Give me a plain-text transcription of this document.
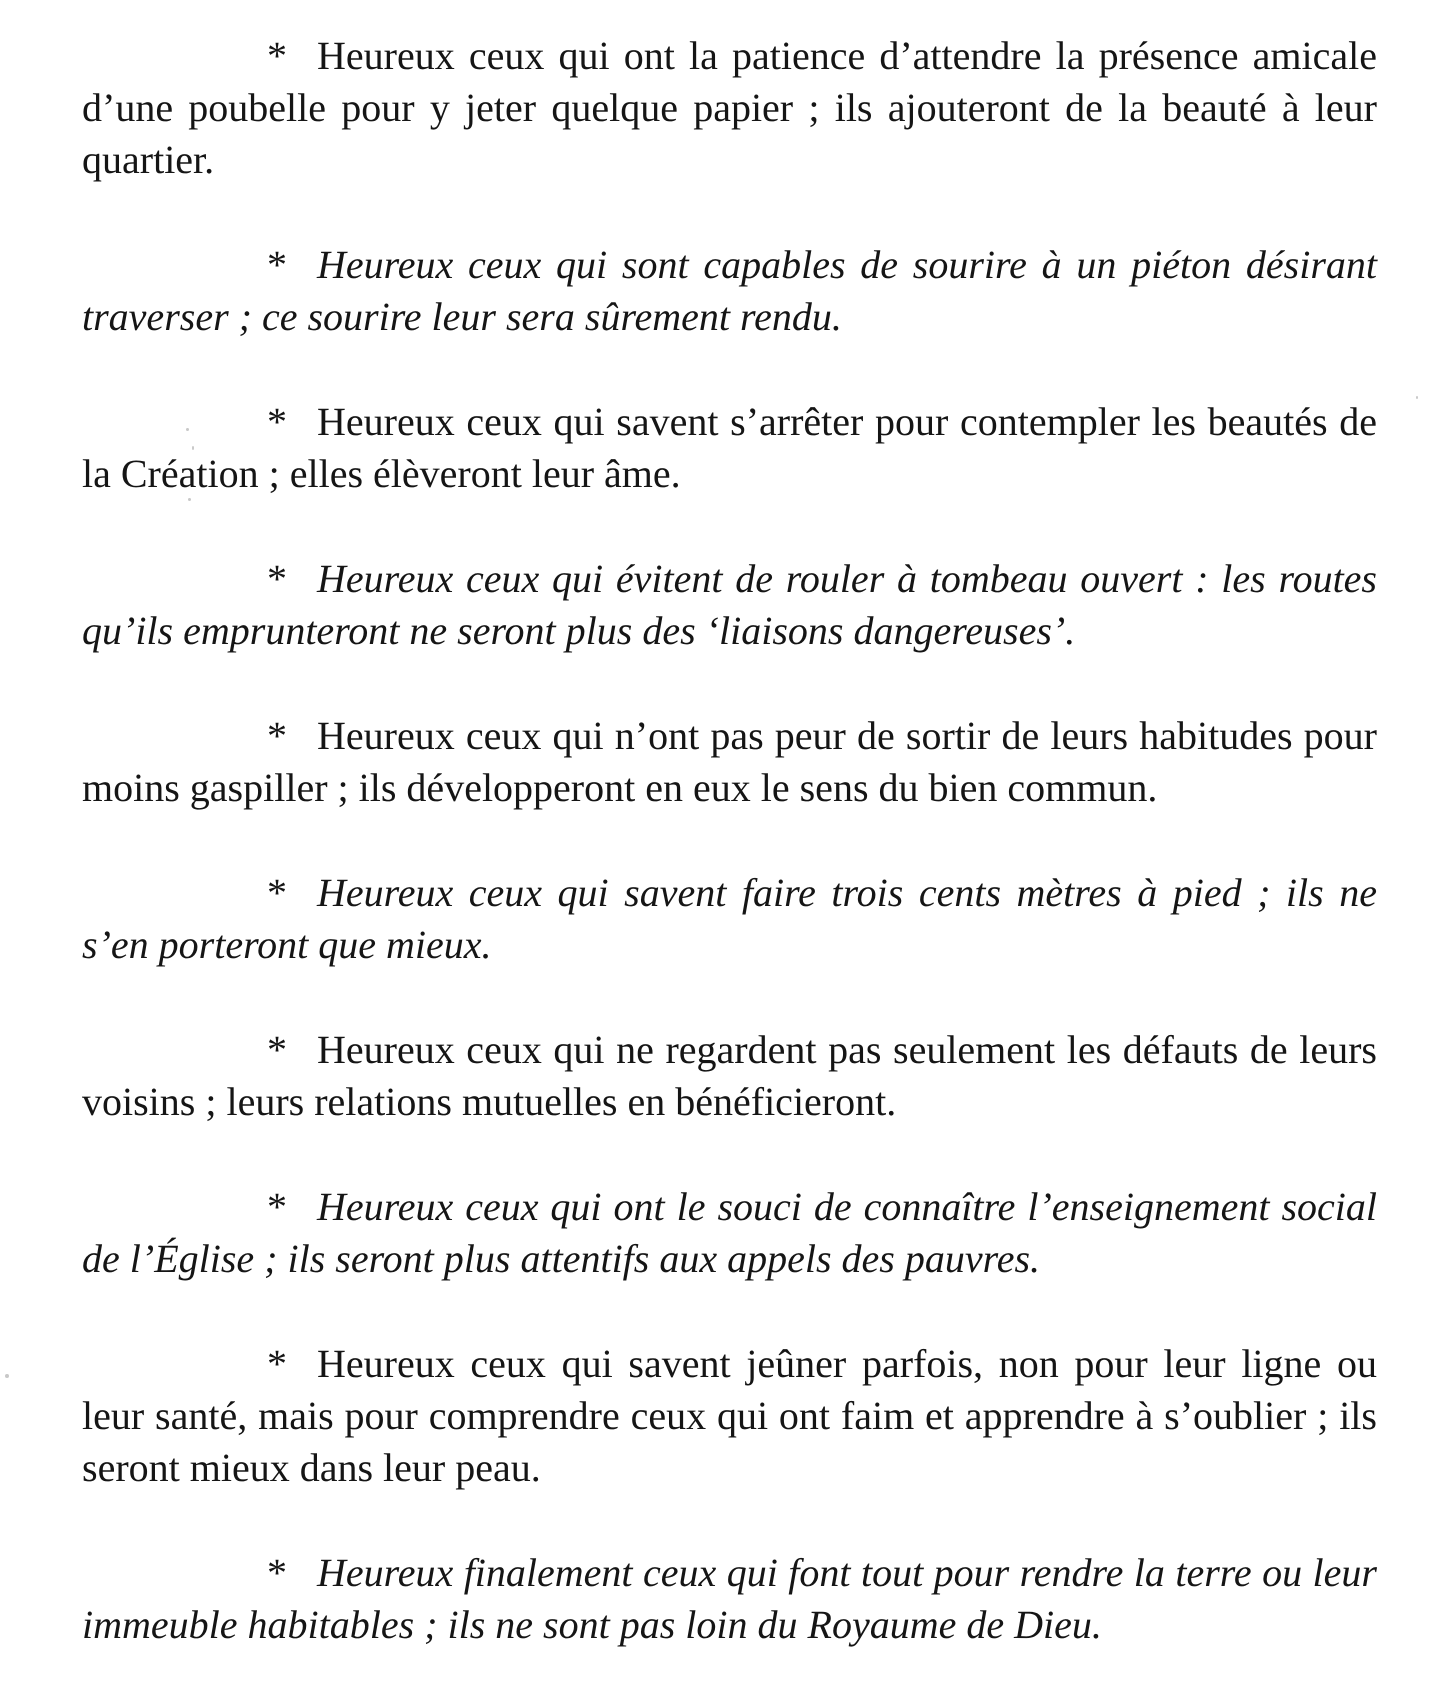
* Heureux ceux qui ont la patience d’attendre la présence amicale d’une poubelle pour y jeter quelque papier ; ils ajouteront de la beauté à leur quartier.

* Heureux ceux qui sont capables de sourire à un piéton désirant traverser ; ce sourire leur sera sûrement rendu.

* Heureux ceux qui savent s’arrêter pour contempler les beautés de la Création ; elles élèveront leur âme.

* Heureux ceux qui évitent de rouler à tombeau ouvert : les routes qu’ils emprunteront ne seront plus des ‘liaisons dangereuses’.

* Heureux ceux qui n’ont pas peur de sortir de leurs habitudes pour moins gaspiller ; ils développeront en eux le sens du bien commun.

* Heureux ceux qui savent faire trois cents mètres à pied ; ils ne s’en porteront que mieux.

* Heureux ceux qui ne regardent pas seulement les défauts de leurs voisins ; leurs relations mutuelles en bénéficieront.

* Heureux ceux qui ont le souci de connaître l’enseignement social de l’Église ; ils seront plus attentifs aux appels des pauvres.

* Heureux ceux qui savent jeûner parfois, non pour leur ligne ou leur santé, mais pour comprendre ceux qui ont faim et apprendre à s’oublier ; ils seront mieux dans leur peau.

* Heureux finalement ceux qui font tout pour rendre la terre ou leur immeuble habitables ; ils ne sont pas loin du Royaume de Dieu.
